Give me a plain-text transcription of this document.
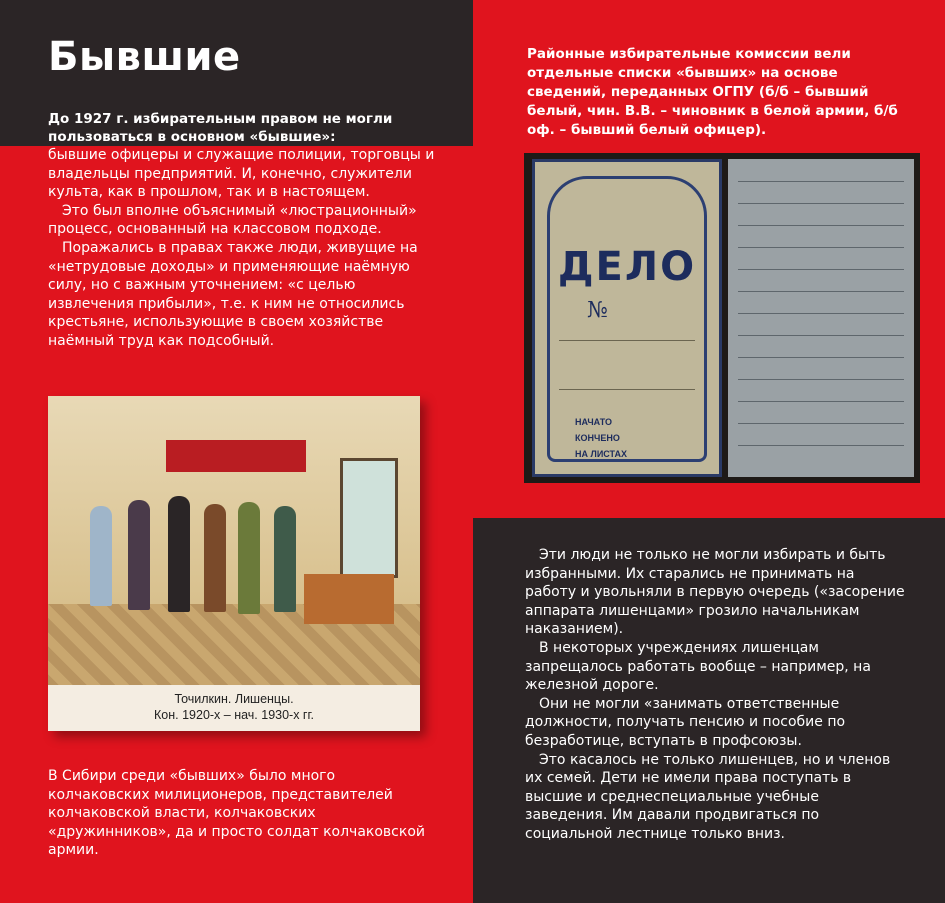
Бывшие
До 1927 г. избирательным правом не могли пользоваться в основном «бывшие»:

бывшие офицеры и служащие полиции, торговцы и владельцы предприятий. И, конечно, служители культа, как в прошлом, так и в настоящем.

Это был вполне объяснимый «люстрационный» процесс, основанный на классовом подходе.

Поражались в правах также люди, живущие на «нетрудовые доходы» и применяющие наёмную силу, но с важным уточнением: «с целью извлечения прибыли», т.е. к ним не относились крестьяне, использующие в своем хозяйстве наёмный труд как подсобный.

Районные избирательные комиссии вели отдельные списки «бывших» на основе сведений, переданных ОГПУ (б/б – бывший белый, чин. В.В. – чиновник в белой армии, б/б оф. – бывший белый офицер).
ДЕЛО
№
НАЧАТО
КОНЧЕНО
НА ЛИСТАХ
Точилкин. Лишенцы.
Кон. 1920-х – нач. 1930-х гг.
В Сибири среди «бывших» было много колчаковских милиционеров, представителей колчаковской власти, колчаковских «дружинников», да и просто солдат колчаковской армии.

Эти люди не только не могли избирать и быть избранными. Их старались не принимать на работу и увольняли в первую очередь («засорение аппарата лишенцами» грозило начальникам наказанием).

В некоторых учреждениях лишенцам запрещалось работать вообще – например, на железной дороге.

Они не могли «занимать ответственные должности, получать пенсию и пособие по безработице, вступать в профсоюзы.

Это касалось не только лишенцев, но и членов их семей. Дети не имели права поступать в высшие и среднеспециальные учебные заведения. Им давали продвигаться по социальной лестнице только вниз.
